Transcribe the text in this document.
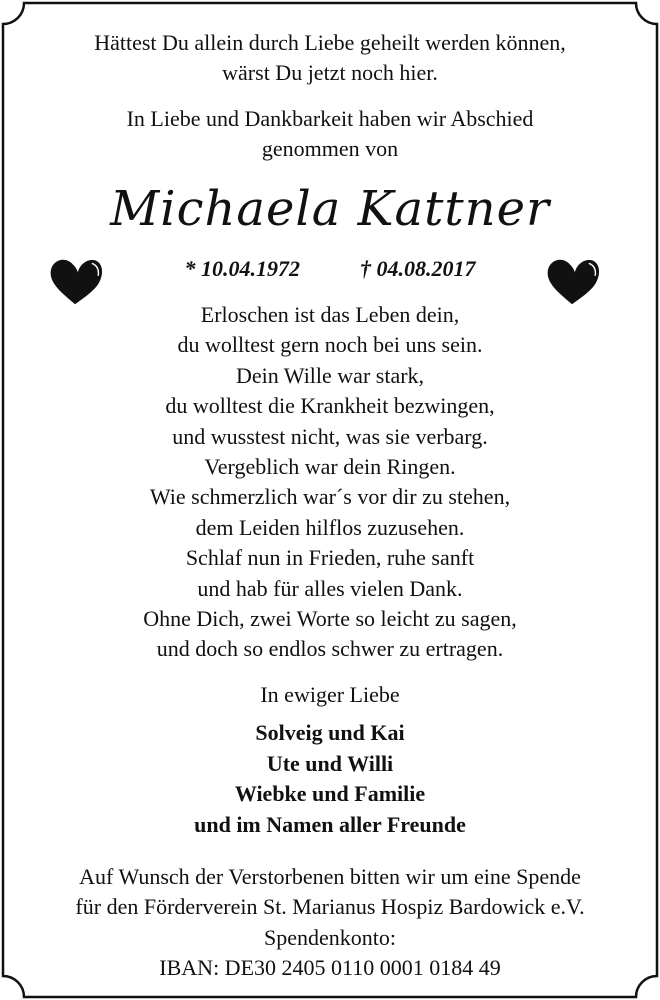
Hättest Du allein durch Liebe geheilt werden können,
wärst Du jetzt noch hier.
In Liebe und Dankbarkeit haben wir Abschied
genommen von
Michaela Kattner
* 10.04.1972	† 04.08.2017
Erloschen ist das Leben dein,
du wolltest gern noch bei uns sein.
Dein Wille war stark,
du wolltest die Krankheit bezwingen,
und wusstest nicht, was sie verbarg.
Vergeblich war dein Ringen.
Wie schmerzlich war´s vor dir zu stehen,
dem Leiden hilflos zuzusehen.
Schlaf nun in Frieden, ruhe sanft
und hab für alles vielen Dank.
Ohne Dich, zwei Worte so leicht zu sagen,
und doch so endlos schwer zu ertragen.
In ewiger Liebe
Solveig und Kai
Ute und Willi
Wiebke und Familie
und im Namen aller Freunde
Auf Wunsch der Verstorbenen bitten wir um eine Spende
für den Förderverein St. Marianus Hospiz Bardowick e.V.
Spendenkonto:
IBAN: DE30 2405 0110 0001 0184 49
